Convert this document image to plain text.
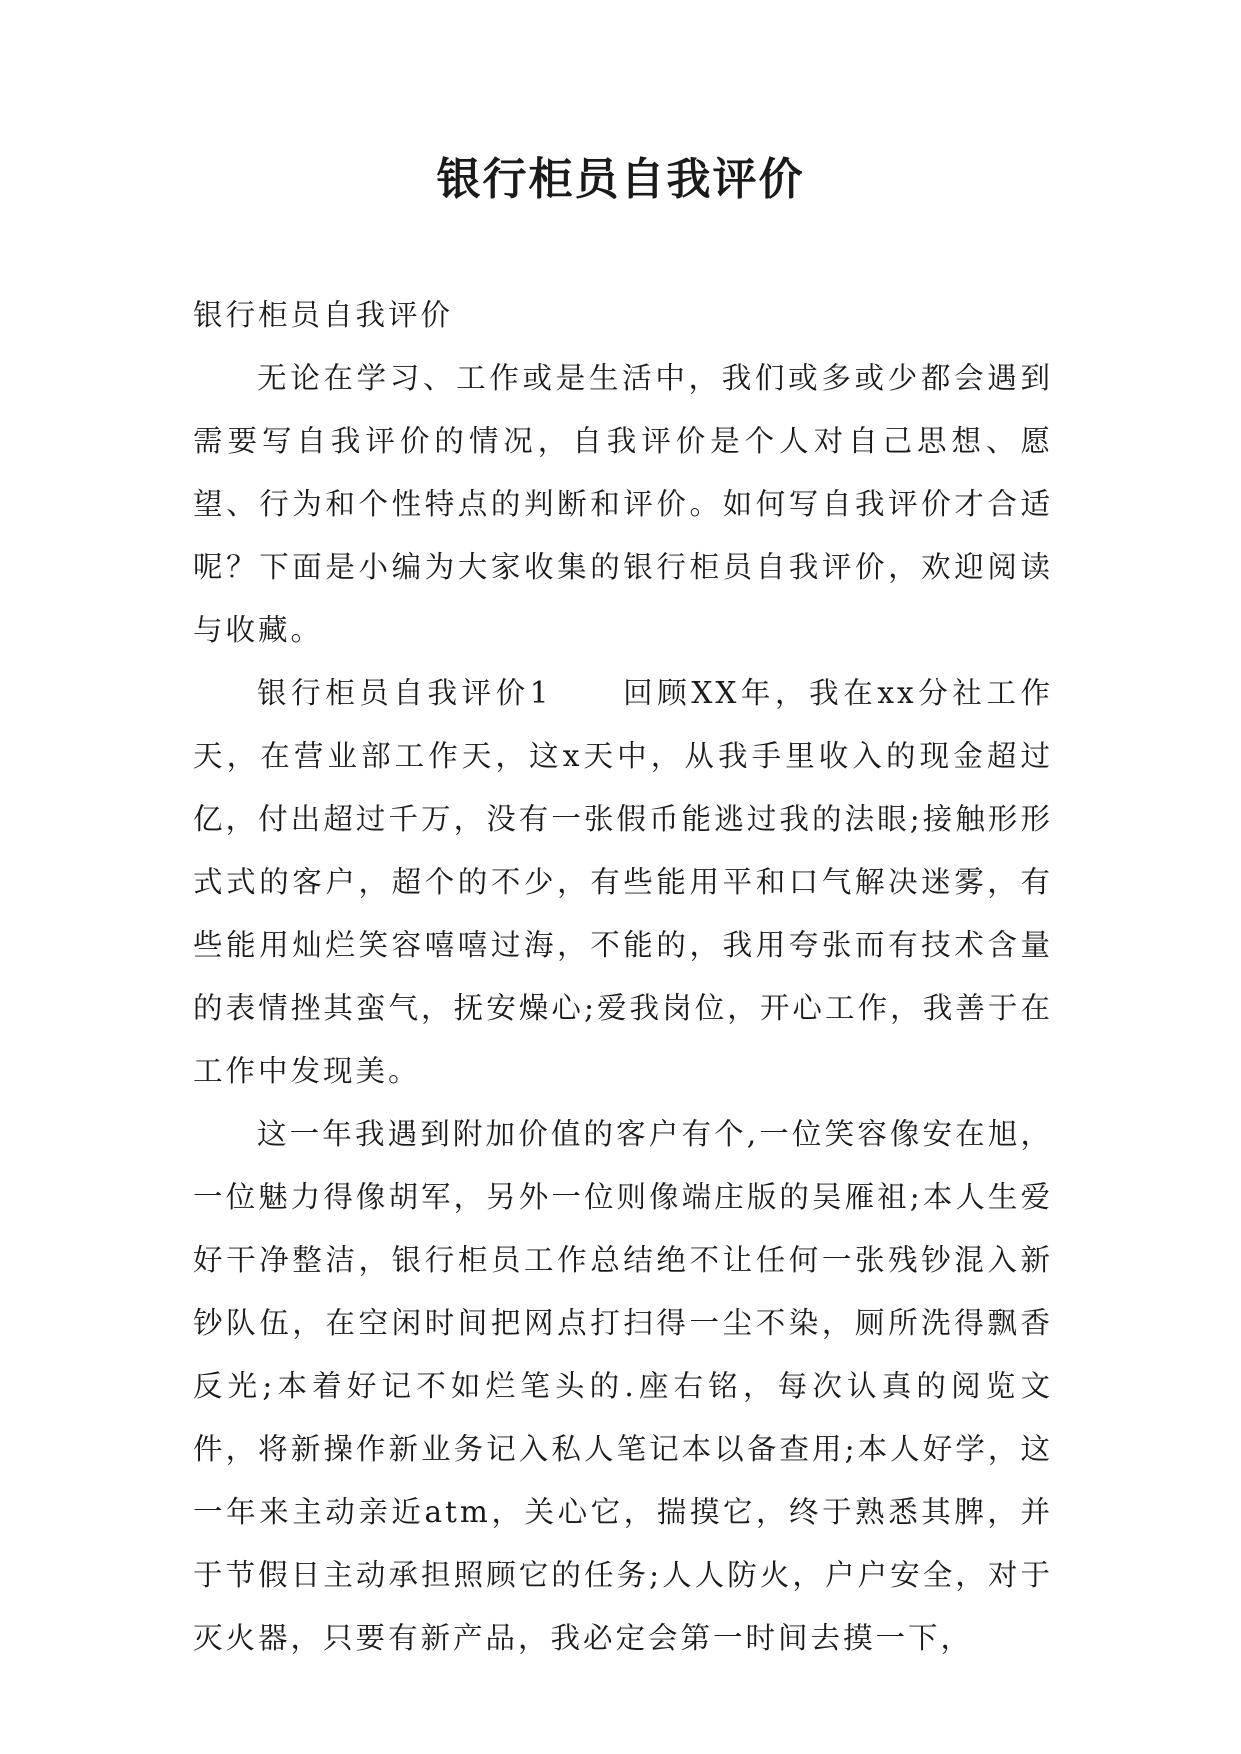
银行柜员自我评价

银行柜员自我评价

无论在学习、工作或是生活中，我们或多或少都会遇到需要写自我评价的情况，自我评价是个人对自己思想、愿望、行为和个性特点的判断和评价。如何写自我评价才合适呢？下面是小编为大家收集的银行柜员自我评价，欢迎阅读与收藏。

银行柜员自我评价1 回顾XX年，我在xx分社工作天，在营业部工作天，这x天中，从我手里收入的现金超过亿，付出超过千万，没有一张假币能逃过我的法眼;接触形形式式的客户，超个的不少，有些能用平和口气解决迷雾，有些能用灿烂笑容嘻嘻过海，不能的，我用夸张而有技术含量的表情挫其蛮气，抚安燥心;爱我岗位，开心工作，我善于在工作中发现美。

这一年我遇到附加价值的客户有个,一位笑容像安在旭，一位魅力得像胡军，另外一位则像端庄版的吴雁祖;本人生爱好干净整洁，银行柜员工作总结绝不让任何一张残钞混入新钞队伍，在空闲时间把网点打扫得一尘不染，厕所洗得飘香反光;本着好记不如烂笔头的.座右铭，每次认真的阅览文件，将新操作新业务记入私人笔记本以备查用;本人好学，这一年来主动亲近atm，关心它，揣摸它，终于熟悉其脾，并于节假日主动承担照顾它的任务;人人防火，户户安全，对于灭火器，只要有新产品，我必定会第一时间去摸一下，
